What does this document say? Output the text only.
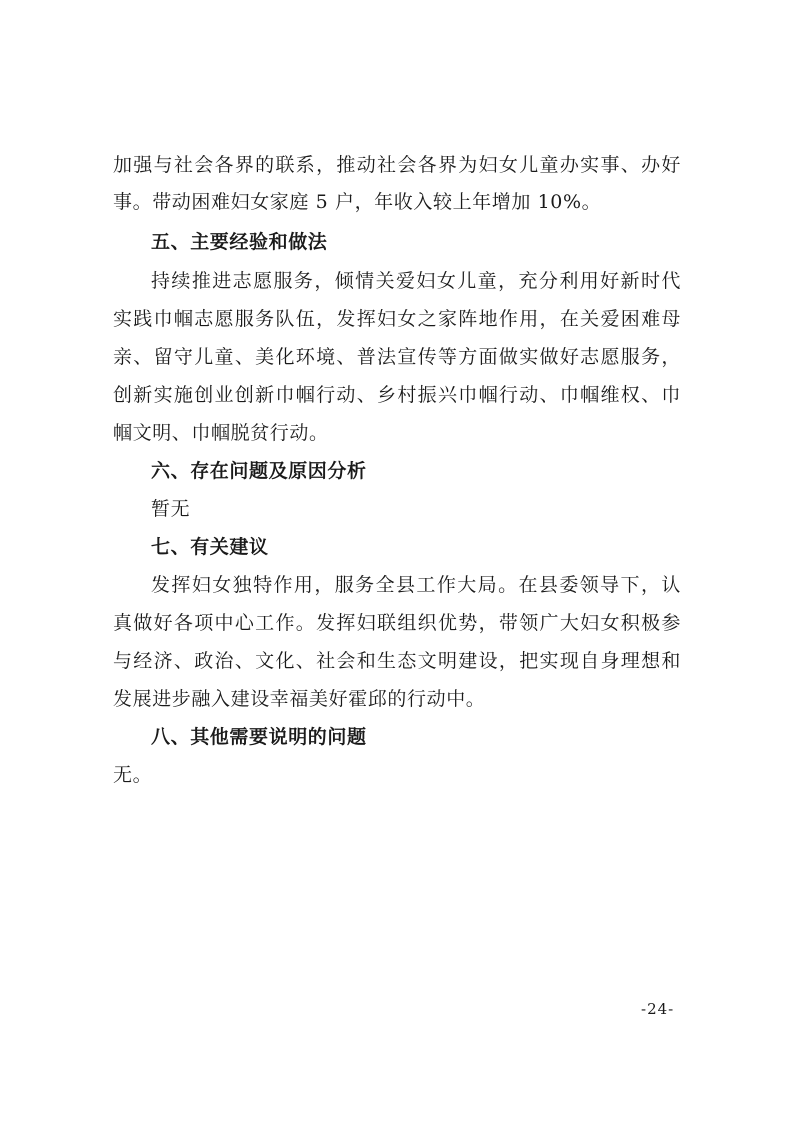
加强与社会各界的联系，推动社会各界为妇女儿童办实事、办好
事。带动困难妇女家庭 5 户，年收入较上年增加 10%。
五、主要经验和做法
持续推进志愿服务，倾情关爱妇女儿童，充分利用好新时代
实践巾帼志愿服务队伍，发挥妇女之家阵地作用，在关爱困难母
亲、留守儿童、美化环境、普法宣传等方面做实做好志愿服务，
创新实施创业创新巾帼行动、乡村振兴巾帼行动、巾帼维权、巾
帼文明、巾帼脱贫行动。
六、存在问题及原因分析
暂无
七、有关建议
发挥妇女独特作用，服务全县工作大局。在县委领导下，认
真做好各项中心工作。发挥妇联组织优势，带领广大妇女积极参
与经济、政治、文化、社会和生态文明建设，把实现自身理想和
发展进步融入建设幸福美好霍邱的行动中。
八、其他需要说明的问题
无。
-24-
